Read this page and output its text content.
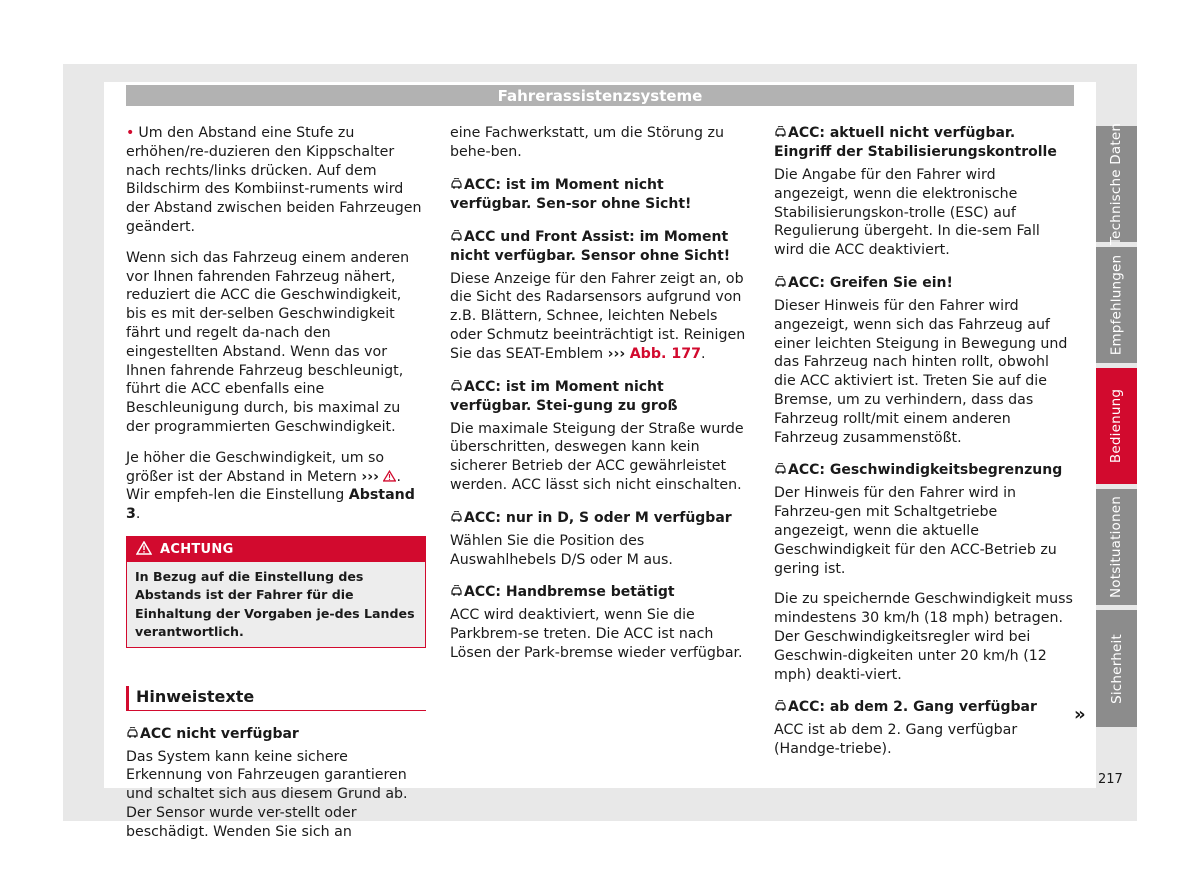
Fahrerassistenzsysteme

• Um den Abstand eine Stufe zu erhöhen/re-duzieren den Kippschalter nach rechts/links drücken. Auf dem Bildschirm des Kombiinst-ruments wird der Abstand zwischen beiden Fahrzeugen geändert.

Wenn sich das Fahrzeug einem anderen vor Ihnen fahrenden Fahrzeug nähert, reduziert die ACC die Geschwindigkeit, bis es mit der-selben Geschwindigkeit fährt und regelt da-nach den eingestellten Abstand. Wenn das vor Ihnen fahrende Fahrzeug beschleunigt, führt die ACC ebenfalls eine Beschleunigung durch, bis maximal zu der programmierten Geschwindigkeit.

Je höher die Geschwindigkeit, um so größer ist der Abstand in Metern ››› . Wir empfeh-len die Einstellung Abstand 3.

ACHTUNG
In Bezug auf die Einstellung des Abstands ist der Fahrer für die Einhaltung der Vorgaben je-des Landes verantwortlich.
Hinweistexte
ACC nicht verfügbar

Das System kann keine sichere Erkennung von Fahrzeugen garantieren und schaltet sich aus diesem Grund ab. Der Sensor wurde ver-stellt oder beschädigt. Wenden Sie sich an

eine Fachwerkstatt, um die Störung zu behe-ben.

ACC: ist im Moment nicht verfügbar. Sen-sor ohne Sicht!
ACC und Front Assist: im Moment nicht verfügbar. Sensor ohne Sicht!

Diese Anzeige für den Fahrer zeigt an, ob die Sicht des Radarsensors aufgrund von z.B. Blättern, Schnee, leichten Nebels oder Schmutz beeinträchtigt ist. Reinigen Sie das SEAT-Emblem ››› Abb. 177.

ACC: ist im Moment nicht verfügbar. Stei-gung zu groß

Die maximale Steigung der Straße wurde überschritten, deswegen kann kein sicherer Betrieb der ACC gewährleistet werden. ACC lässt sich nicht einschalten.

ACC: nur in D, S oder M verfügbar

Wählen Sie die Position des Auswahlhebels D/S oder M aus.

ACC: Handbremse betätigt

ACC wird deaktiviert, wenn Sie die Parkbrem-se treten. Die ACC ist nach Lösen der Park-bremse wieder verfügbar.

ACC: aktuell nicht verfügbar. Eingriff der Stabilisierungskontrolle

Die Angabe für den Fahrer wird angezeigt, wenn die elektronische Stabilisierungskon-trolle (ESC) auf Regulierung übergeht. In die-sem Fall wird die ACC deaktiviert.

ACC: Greifen Sie ein!

Dieser Hinweis für den Fahrer wird angezeigt, wenn sich das Fahrzeug auf einer leichten Steigung in Bewegung und das Fahrzeug nach hinten rollt, obwohl die ACC aktiviert ist. Treten Sie auf die Bremse, um zu verhindern, dass das Fahrzeug rollt/mit einem anderen Fahrzeug zusammenstößt.

ACC: Geschwindigkeitsbegrenzung

Der Hinweis für den Fahrer wird in Fahrzeu-gen mit Schaltgetriebe angezeigt, wenn die aktuelle Geschwindigkeit für den ACC-Betrieb zu gering ist.

Die zu speichernde Geschwindigkeit muss mindestens 30 km/h (18 mph) betragen. Der Geschwindigkeitsregler wird bei Geschwin-digkeiten unter 20 km/h (12 mph) deakti-viert.

ACC: ab dem 2. Gang verfügbar

ACC ist ab dem 2. Gang verfügbar (Handge-triebe).

»
Technische Daten
Empfehlungen
Bedienung
Notsituationen
Sicherheit
217
